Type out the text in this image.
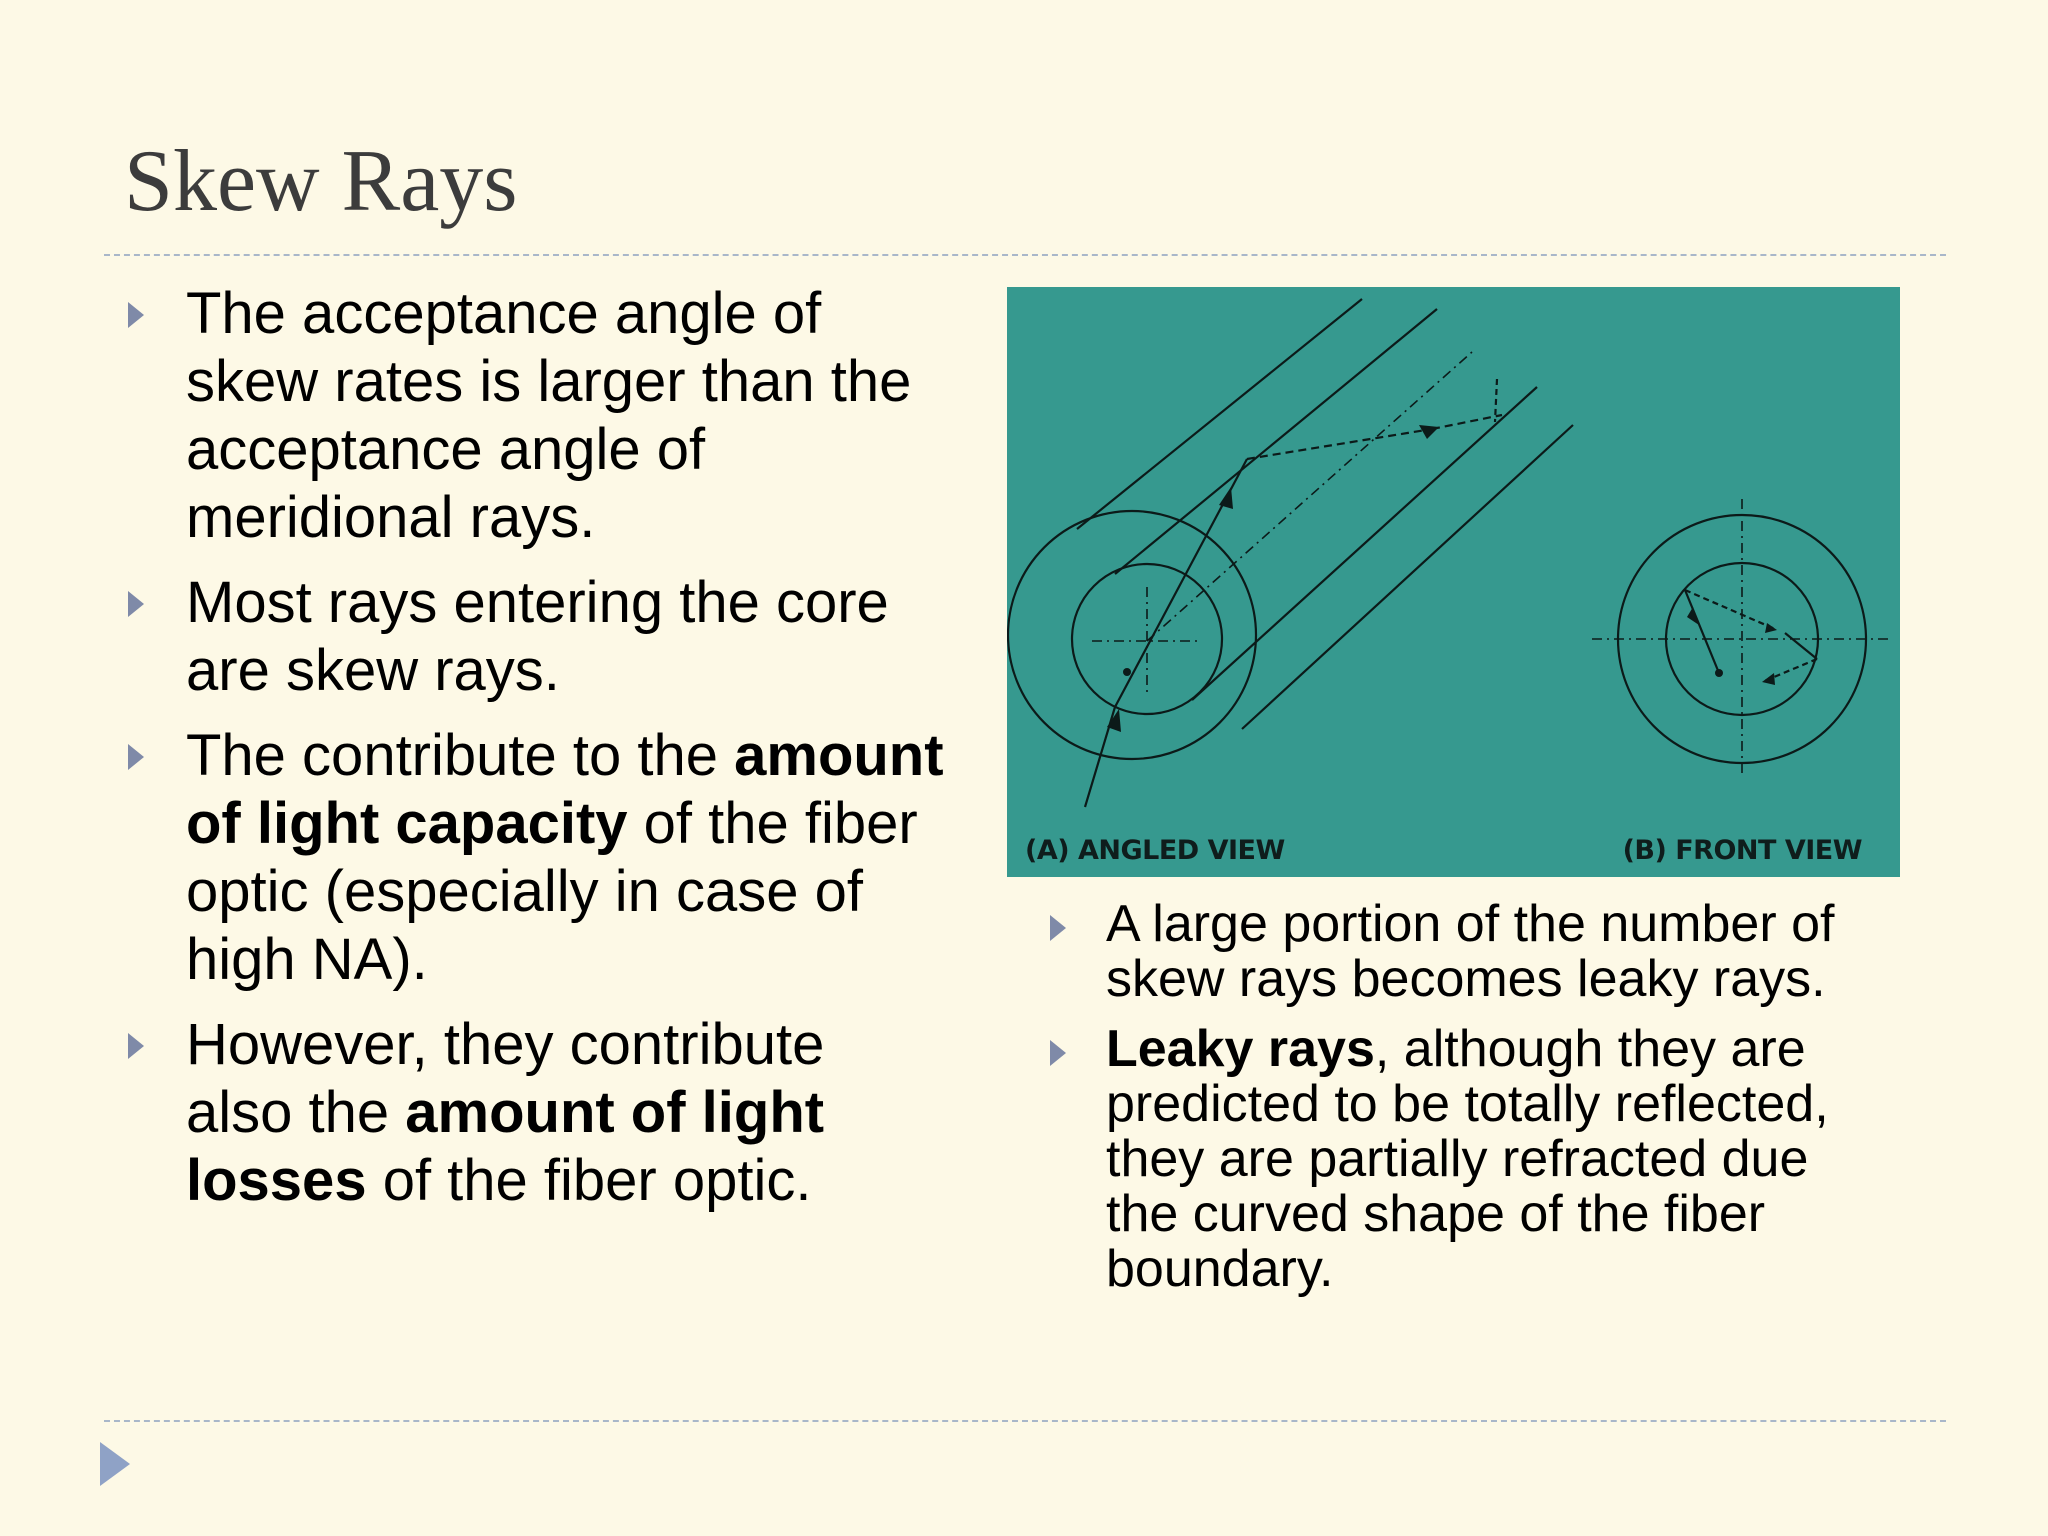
Skew Rays
The acceptance angle of skew rates is larger than the acceptance angle of meridional rays.
Most rays entering the core are skew rays.
The contribute to the amount of light capacity of the fiber optic (especially in case of high NA).
However, they contribute also the amount of light losses of the fiber optic.
(A) ANGLED VIEW	(B) FRONT VIEW
A large portion of the number of skew rays becomes leaky rays.
Leaky rays, although they are predicted to be totally reflected, they are partially refracted due the curved shape of the fiber boundary.
